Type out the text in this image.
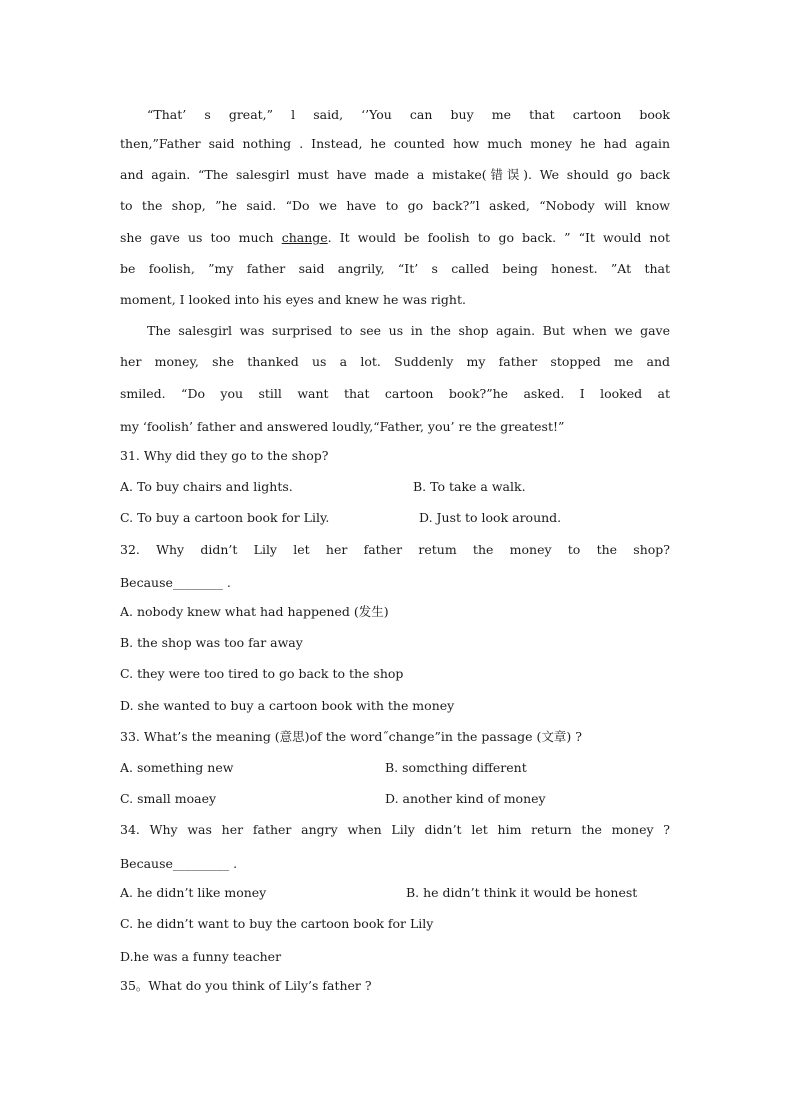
“That’ s great,” l said, ‘’You can buy me that cartoon book
then,”Father said nothing . Instead, he counted how much money he had again
and again. “The salesgirl must have made a mistake(错误). We should go back
to the shop, ”he said. “Do we have to go back?”l asked, “Nobody will know
she gave us too much change. It would be foolish to go back. ” “It would not
be foolish, ”my father said angrily, “It’ s called being honest. ”At that
moment, I looked into his eyes and knew he was right.
The salesgirl was surprised to see us in the shop again. But when we gave
her money, she thanked us a lot. Suddenly my father stopped me and
smiled. “Do you still want that cartoon book?”he asked. I looked at
my ‘foolish’ father and answered loudly,“Father, you’ re the greatest!”
31. Why did they go to the shop?
A. To buy chairs and lights.	B. To take a walk.
C. To buy a cartoon book for Lily.	D. Just to look around.
32. Why didn’t Lily let her father retum the money to the shop?
Because________ .
A. nobody knew what had happened (发生)
B. the shop was too far away
C. they were too tired to go back to the shop
D. she wanted to buy a cartoon book with the money
33. What’s the meaning (意思)of the word˝change”in the passage (文章) ?
A. something new	B. somcthing different
C. small moaey	D. another kind of money
34. Why was her father angry when Lily didn’t let him return the money ?
Because_________ .
A. he didn’t like money	B. he didn’t think it would be honest
C. he didn’t want to buy the cartoon book for Lily
D.he was a funny teacher
35。What do you think of Lily’s father ?
